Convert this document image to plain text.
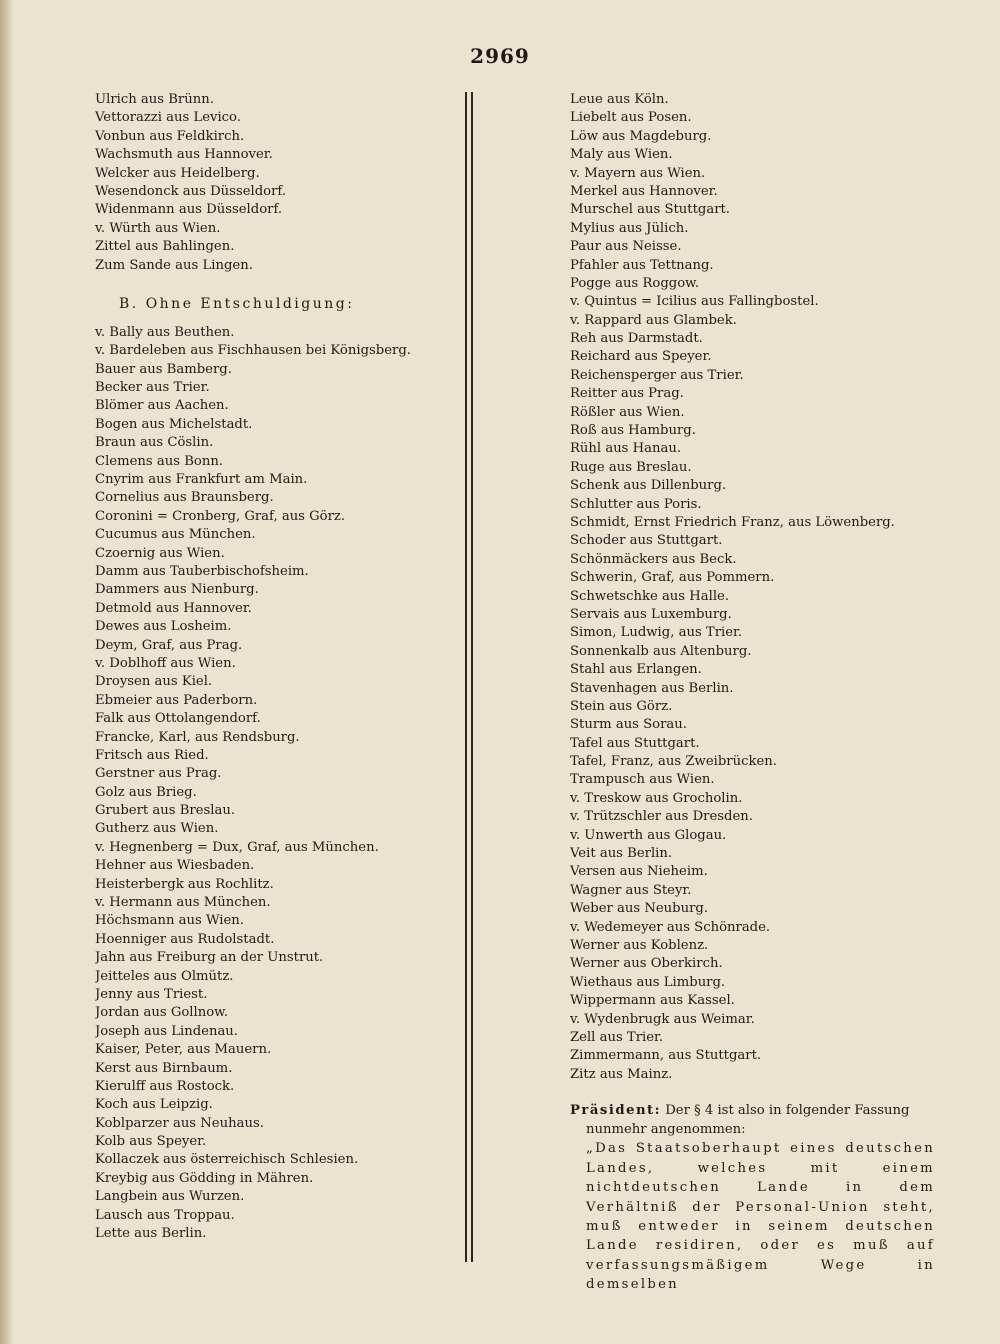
2969
Ulrich aus Brünn.
Vettorazzi aus Levico.
Vonbun aus Feldkirch.
Wachsmuth aus Hannover.
Welcker aus Heidelberg.
Wesendonck aus Düsseldorf.
Widenmann aus Düsseldorf.
v. Würth aus Wien.
Zittel aus Bahlingen.
Zum Sande aus Lingen.
B. Ohne Entschuldigung:
v. Bally aus Beuthen.
v. Bardeleben aus Fischhausen bei Königsberg.
Bauer aus Bamberg.
Becker aus Trier.
Blömer aus Aachen.
Bogen aus Michelstadt.
Braun aus Cöslin.
Clemens aus Bonn.
Cnyrim aus Frankfurt am Main.
Cornelius aus Braunsberg.
Coronini = Cronberg, Graf, aus Görz.
Cucumus aus München.
Czoernig aus Wien.
Damm aus Tauberbischofsheim.
Dammers aus Nienburg.
Detmold aus Hannover.
Dewes aus Losheim.
Deym, Graf, aus Prag.
v. Doblhoff aus Wien.
Droysen aus Kiel.
Ebmeier aus Paderborn.
Falk aus Ottolangendorf.
Francke, Karl, aus Rendsburg.
Fritsch aus Ried.
Gerstner aus Prag.
Golz aus Brieg.
Grubert aus Breslau.
Gutherz aus Wien.
v. Hegnenberg = Dux, Graf, aus München.
Hehner aus Wiesbaden.
Heisterbergk aus Rochlitz.
v. Hermann aus München.
Höchsmann aus Wien.
Hoenniger aus Rudolstadt.
Jahn aus Freiburg an der Unstrut.
Jeitteles aus Olmütz.
Jenny aus Triest.
Jordan aus Gollnow.
Joseph aus Lindenau.
Kaiser, Peter, aus Mauern.
Kerst aus Birnbaum.
Kierulff aus Rostock.
Koch aus Leipzig.
Koblparzer aus Neuhaus.
Kolb aus Speyer.
Kollaczek aus österreichisch Schlesien.
Kreybig aus Gödding in Mähren.
Langbein aus Wurzen.
Lausch aus Troppau.
Lette aus Berlin.
Leue aus Köln.
Liebelt aus Posen.
Löw aus Magdeburg.
Maly aus Wien.
v. Mayern aus Wien.
Merkel aus Hannover.
Murschel aus Stuttgart.
Mylius aus Jülich.
Paur aus Neisse.
Pfahler aus Tettnang.
Pogge aus Roggow.
v. Quintus = Icilius aus Fallingbostel.
v. Rappard aus Glambek.
Reh aus Darmstadt.
Reichard aus Speyer.
Reichensperger aus Trier.
Reitter aus Prag.
Rößler aus Wien.
Roß aus Hamburg.
Rühl aus Hanau.
Ruge aus Breslau.
Schenk aus Dillenburg.
Schlutter aus Poris.
Schmidt, Ernst Friedrich Franz, aus Löwenberg.
Schoder aus Stuttgart.
Schönmäckers aus Beck.
Schwerin, Graf, aus Pommern.
Schwetschke aus Halle.
Servais aus Luxemburg.
Simon, Ludwig, aus Trier.
Sonnenkalb aus Altenburg.
Stahl aus Erlangen.
Stavenhagen aus Berlin.
Stein aus Görz.
Sturm aus Sorau.
Tafel aus Stuttgart.
Tafel, Franz, aus Zweibrücken.
Trampusch aus Wien.
v. Treskow aus Grocholin.
v. Trützschler aus Dresden.
v. Unwerth aus Glogau.
Veit aus Berlin.
Versen aus Nieheim.
Wagner aus Steyr.
Weber aus Neuburg.
v. Wedemeyer aus Schönrade.
Werner aus Koblenz.
Werner aus Oberkirch.
Wiethaus aus Limburg.
Wippermann aus Kassel.
v. Wydenbrugk aus Weimar.
Zell aus Trier.
Zimmermann, aus Stuttgart.
Zitz aus Mainz.
Präsident: Der § 4 ist also in folgender Fassung nunmehr angenommen:
„Das Staatsoberhaupt eines deutschen Landes, welches mit einem nichtdeutschen Lande in dem Verhältniß der Personal-Union steht, muß entweder in seinem deutschen Lande residiren, oder es muß auf verfassungsmäßigem Wege in demselben
